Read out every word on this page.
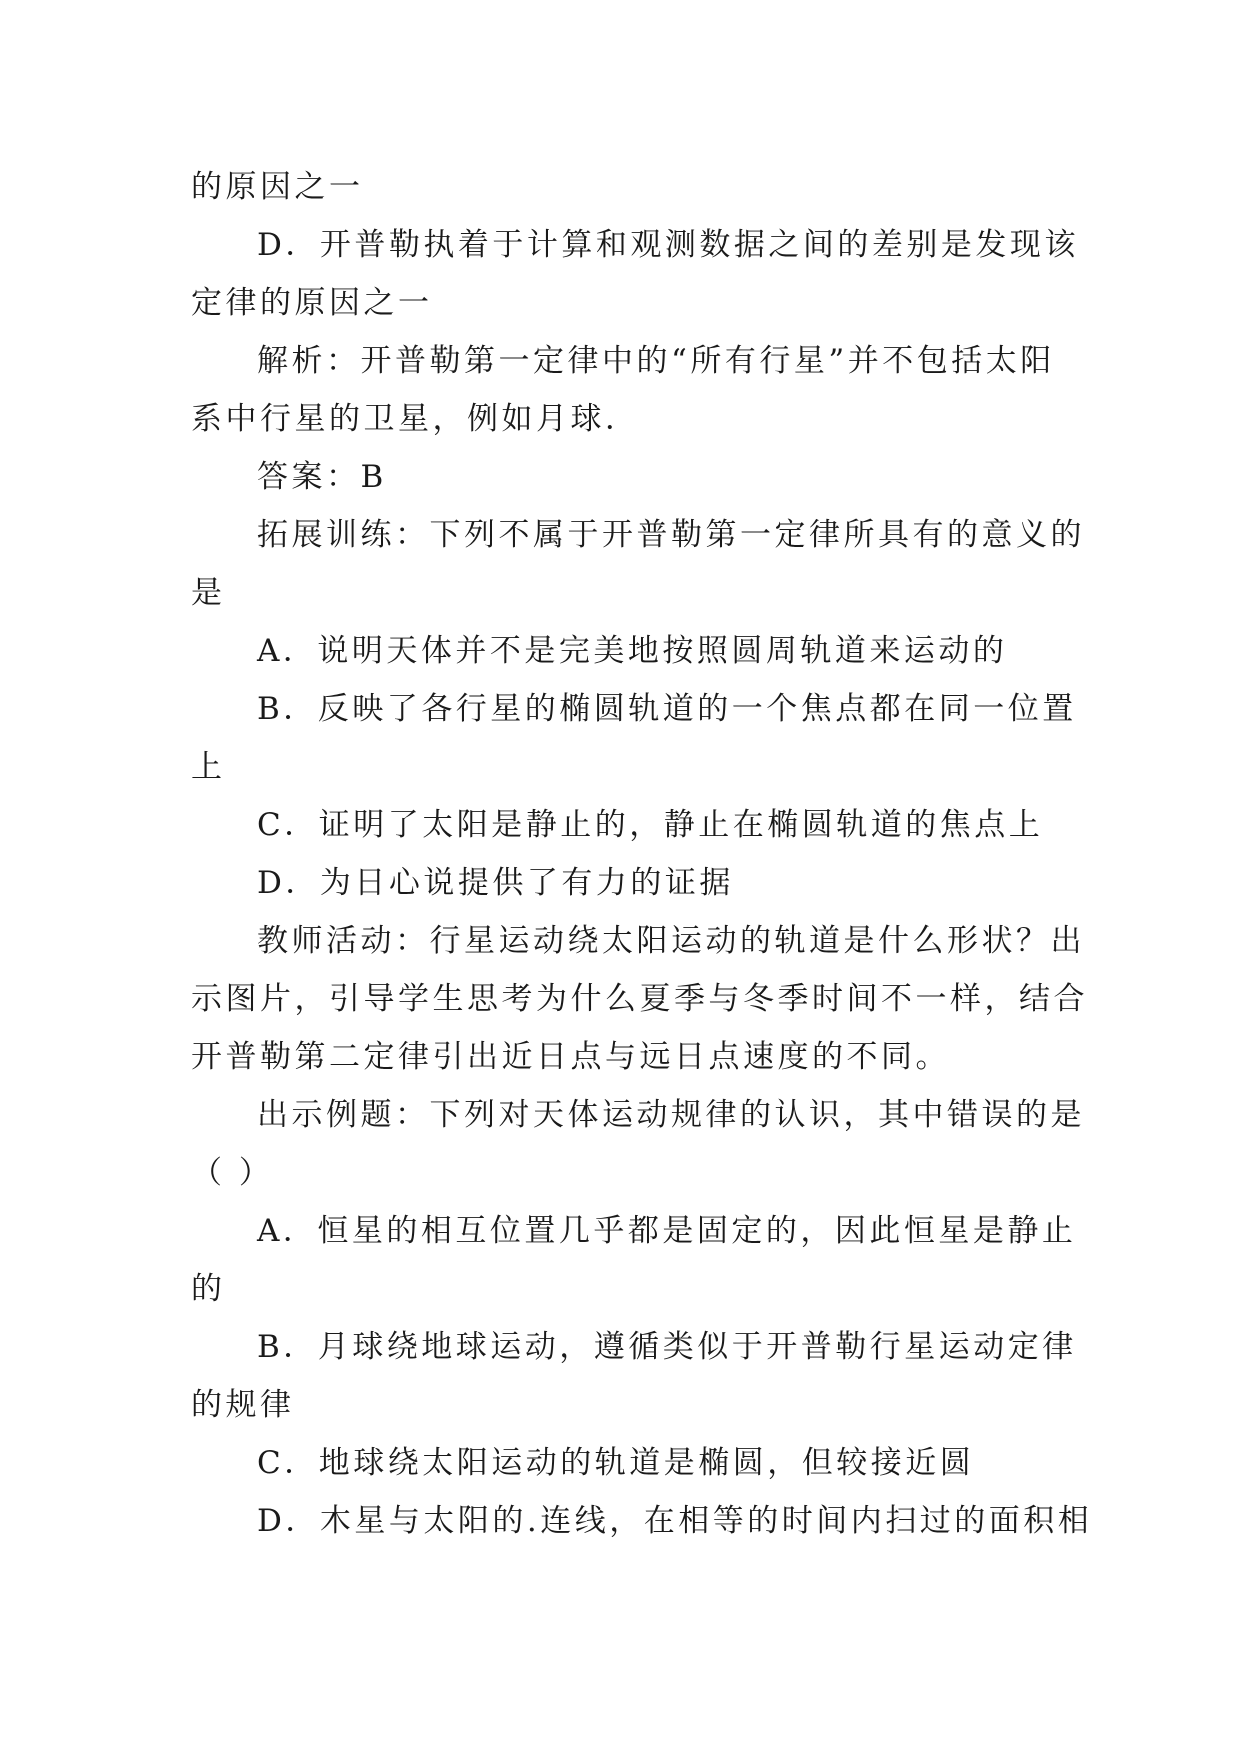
的原因之一

D．开普勒执着于计算和观测数据之间的差别是发现该

定律的原因之一

解析：开普勒第一定律中的“所有行星”并不包括太阳

系中行星的卫星，例如月球．

答案：B

拓展训练：下列不属于开普勒第一定律所具有的意义的

是

A．说明天体并不是完美地按照圆周轨道来运动的

B．反映了各行星的椭圆轨道的一个焦点都在同一位置

上

C．证明了太阳是静止的，静止在椭圆轨道的焦点上

D．为日心说提供了有力的证据

教师活动：行星运动绕太阳运动的轨道是什么形状？出

示图片，引导学生思考为什么夏季与冬季时间不一样，结合

开普勒第二定律引出近日点与远日点速度的不同。

出示例题：下列对天体运动规律的认识，其中错误的是

（ ）

A．恒星的相互位置几乎都是固定的，因此恒星是静止

的

B．月球绕地球运动，遵循类似于开普勒行星运动定律

的规律

C．地球绕太阳运动的轨道是椭圆，但较接近圆

D．木星与太阳的.连线，在相等的时间内扫过的面积相
